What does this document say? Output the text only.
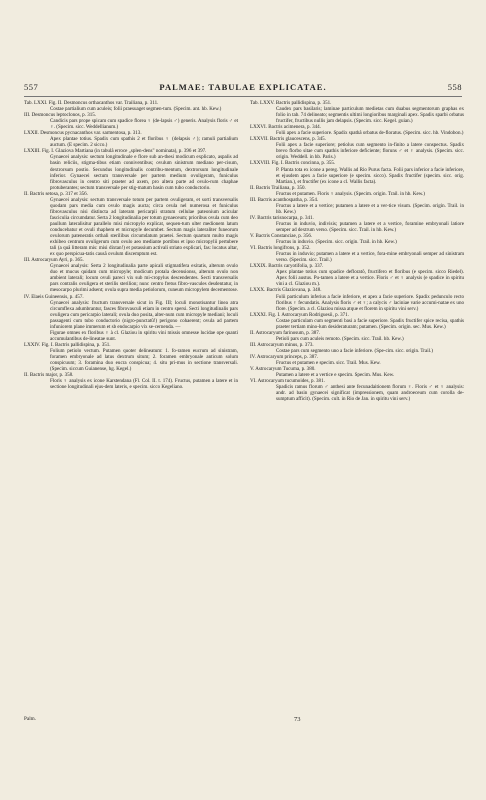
557	PALMAE: TABULAE EXPLICATAE.	558

Tab. LXXI. Fig. II. Desmoncus orthacanthos var. Trailiana, p. 311.

Costae partialium cum aculeis; folii praesuaget segmen-tum. (Specim. ant. hb. Kew.)

III. Desmoncus leptoclonos, p. 315.

Candicis pars prope spicam cum spadice florea ♀ (de-lapsis ♂) generis. Analysis floris ♂ et ♀. (Specim. sicc. Weddellianum.)

LXXII. Desmoncus pycnacanthos var. sarmentosa, p. 313.

Apex plantae totius. Spadix cum spathis 2 et floribus ♀ (delapsis ♂); ramuli partialium auctum. (E specim. 2 sicco.)

LXXIII. Fig. I. Glaziova Martiana (in tabulâ erroce „splen-dens" nominata), p. 396 et 397.

Gynaecei analysis: sectum longitudinale e flore sub an-thesi modicum explicato, aspalis ad basin reliciis, stigma-tibus etiam conniventibus; ovulum sinistrum mediano per-cisum, dextrorsum postio. Secundus longitudinalis contribu-mentum, dextrorsum longitudinale inferior. Gynaecei sectum transversale per partem medium ovuligeram, funiculus fibrovasculus in centro siti praeter ad axem, pro altera parte ad ovulo-rum chaphae protuberantes; sectum transversale per stig-matum basin cum tubo conductorio.

II. Bactris setosa, p. 317 et 356.

Gynaecei analysis: sectum transversale totum per partem ovuligeram, et sorti transversalis quodam pars media cum ovulo magis aucta; circa ovula nel numerosa et funiculus fibrovasculus nisi distincta ad lateram pericarpii stratum cellulae pateonium acicular fasciculia circumdatur. Serta 2 longitudinalia per totum gynaeceum; prioribus ovula cum deo paullum lateralisitur parallelo misi micropylo explicat, sequen-tum ulter medionem latum conducebatur et ovuli rhaphem et micropyle decumbet. Sectum magis lateraliter funeorum ovulorum pateneratis orthali sterilibus circumdatum praetei. Sectum quartum multo magis exhibeo centrum ovuligerum cum ovulo aeo mediante portibus et ipso micropylii pertubere tali (a quâ litteram mis: misi dixtan!) et potassium activali striato explicari, fas: locatus altar, ex quo perspicua-tatis causâ ovulum discemptum est.

III. Astrocaryum Ayri, p. 365.

Gynaecei analysis: Serta 2 longitudinalia parte apicali stigmatifera exitatis, alterum ovulo duo et mucus quidam cum micropyle; modicum protala decensionss, alterum ovulo non ambient laterali; locum ovuli pareci vix sub mi-cropylus descendentes. Secti transversalis pars contralis ovuligera et sterilis sterilion; nunc centro fretus fibro-vascules desdentatur, in mesocarpo plurimi adsent; ovula supra media petiolorum, cuneum micropylem decementose.

IV. Elaeis Guineensis, p. 457.

Gynaecei analysis: fructum transversale sicut in Fig. III; loculi monotisantur linea atra circumflexa adumbrantur, fasces fibrovasculi etiam in centro spersi. Secti longitudinalis pars ovuligera cum pericarpio laterali; ovula duo posita, alter-num cum micropyle mediani; loculi passagenti cum tubo conductorio (nigro-punctatû!) perigono cohaerent; ovula ad partem infuniorem plane immerum et sb endocarpio vix se-cernenda. —

Figurae omnes ex floribus ♀ à cl. Glaziou in spiritu vini missis omnesse lucidae ope quanti accumulantibus de-lineatae sunt.

LXXIV. Fig. I. Bactris pallidispina, p. 351.

Folium petiolo vectum. Putamen quoter delineatum: 1. fo-ramen eucrum ad sinistram, foramen embryonale ad latus dextrum situm; 2. foramen embryonale anticum solum conspicuum; 3. foramina duo eucra conspicua; 4. situ pri-mus in sectione transversali. (Specim. siccum Guianense, hg. Kegel.)

II. Bactris major, p. 358.

Floris ♀ analysis ex icone Karstendana (Fl. Col. II. t. 174). Fructus, putamen a latere et in sectione longitudinali ejus-dem lateris, e specim. sicco Kegeliano.

Tab. LXXV. Bactris pallidispina, p. 351.

Caudex pars basilaris; laminae particulum medietas cum duabus segmentorum graphas ex folio in tab. 74 delineato; segmentis ultimi longioribus marginali apex. Spadix sparbi orbatus fructifer, fructibus nullis jam delapsis. (Specim. sicc. Kegel. guian.)

LXXVI. Bactris acimenera, p. 344.

Folii apex a facie superiore. Spadix spathâ orbatus de-floratus. (Specim. sicc. hb. Vindobon.)

LXXVII. Bactris glaucescens, p. 345.

Folii apex a facie superiore; petiolus cum segmento in-finito a latere conspectus. Spadix brevo florbo sitae cum spathis inferiore deficiente; floruns ♂ et ♀ analysis. (Specim. sicc. origin. Weddell. in hb. Paris.)

LXXVIII. Fig. I. Bactris concinna, p. 355.

P. Planta tota ex icone a pereg. Wallis ad Rio Purus facta. Folii pars inferior a facie inferiore, et ejusdem apex a facie superiore (e specim. sicco). Spadix fructifer (specim. sicc. orig. Martian.), et fructifer (ex icone a cl. Wallis facta).

II. Bactris Trailiana, p. 350.

Fructus et putamen. Floris ♀ analysis. (Specim. origin. Trail. in hb. Kew.)

III. Bactris acanthospatha, p. 354.

Fructus a latere et a vertice; putamen a latere et a ver-tice visum. (Specim. origin. Trail. in hb. Kew.)

IV. Bactris tarisnocarpa, p. 341.

Fructus in induvio, indivisis; putamen a latere et a vertice, foramine embryonali latiore semper ad dextrum verso. (Specim. sicc. Trail. in hb. Kew.)

V. Bactris Constanciae, p. 356.

Fructus in induvio. (Specim. sicc. origin. Trail. in hb. Kew.)

VI. Bactris longifrons, p. 352.

Fructus in induvio; putamen a latere et a vertice, fora-mine embryonali semper ad sinistram verso. (Specim. sicc. Trail.)

LXXIX. Bactris caryotifolia, p. 337.

Apex plantae totius cum spadice defloratô, fructifero et floribus (e specim. sicco Riedel). Apex folii austus. Pu-tamen a latere et a vertice. Floris ♂ et ♀ analysis (e spadice in spiritu vini a cl. Glaziou m.).

LXXX. Bactris Glaziovana, p. 348.

Folii particulum inferius a facie inferiore, et apex a facie superiore. Spadix pedunculo recto floribus ♀ fecundatis. Analysis floris ♂ et ♀; a calycis ♂ laciniae varie accumi-natae ex uno flore. (Specim. a cl. Glaziou missa atque et florem in spiritu vini serv.)

LXXXI. Fig. I. Astrocaryum Rodriguesii, p. 371.

Costae particulam cum segmenti basi a facie superiore. Spadix fructifer spice recisa, spathis praeter tertiam mino-lum desideraturam; putamen. (Specim. origin. sec. Mus. Kew.)

II. Astrocaryum farinosum, p. 387.

Petioli pars cum aculeis remoto. (Specim. sicc. Trail. hb. Kew.)

III. Astrocaryum minus, p. 373.

Costae pars cum segmento uno a facie inferiore. (Spe-cim. sicc. origin. Trail.)

IV. Astrocaryum princeps, p. 387.

Fructus et putamen e specim. sicc. Trail. Mus. Kew.

V. Astrocaryum Tucuma, p. 380.

Putamen a latere et a vertice e specim. Specim. Mus. Kew.

VI. Astrocaryum tucumoides, p. 381.

Spadicis ramus florum ♂ anthesi ante fecunadaitionem florum ♀. Floris ♂ et ♀ analysis: andr. ad basin gynaecei significat (impressionem, quam androeceum cum corolla de-sumptum afficit). (Specim. cult. in Rio de Jan. in spiritu vini serv.)

Palm.	73
